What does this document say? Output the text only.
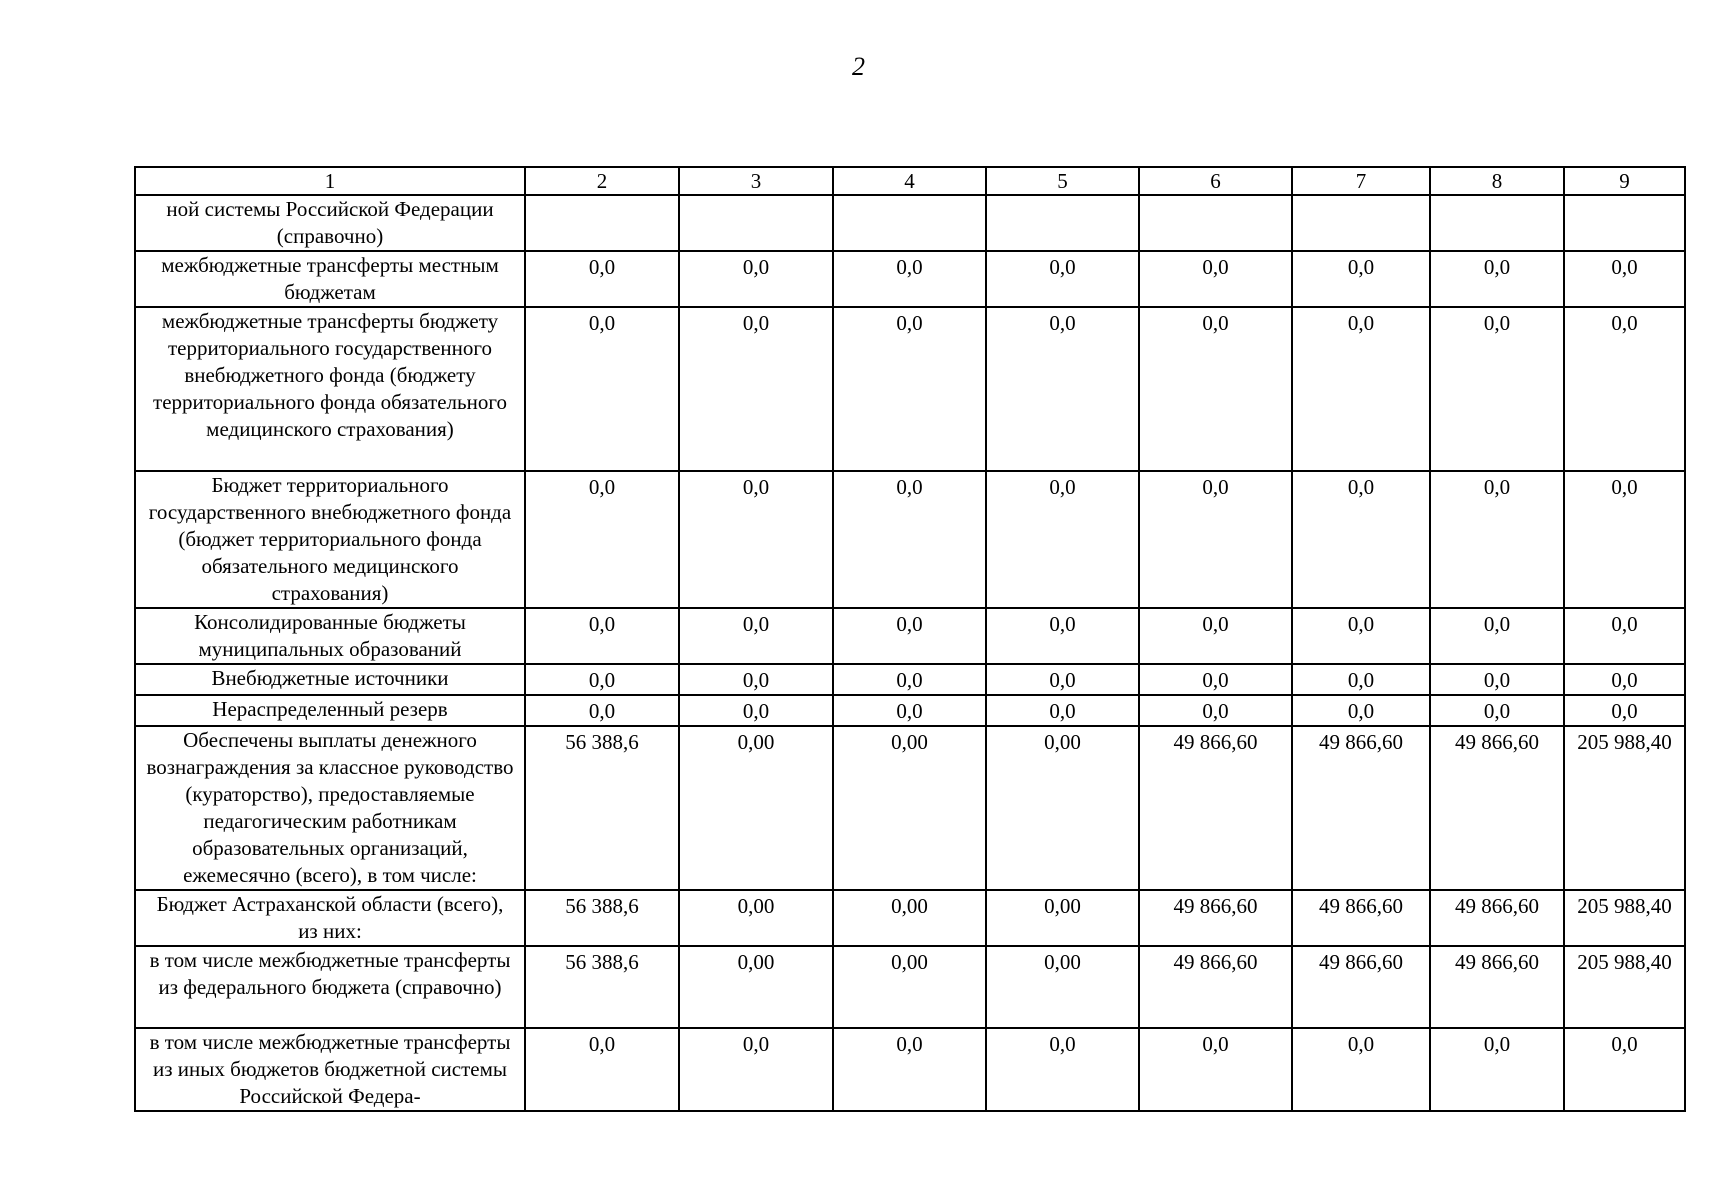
2
1	2	3	4	5	6	7	8	9
ной системы Российской Федерации (справочно)								
межбюджетные трансферты местным бюджетам	0,0	0,0	0,0	0,0	0,0	0,0	0,0	0,0
межбюджетные трансферты бюджету территориального государственного внебюджетного фонда (бюджету территориального фонда обязательного медицинского страхования)	0,0	0,0	0,0	0,0	0,0	0,0	0,0	0,0
Бюджет территориального государственного внебюджетного фонда (бюджет территориального фонда обязательного медицинского страхования)	0,0	0,0	0,0	0,0	0,0	0,0	0,0	0,0
Консолидированные бюджеты муниципальных образований	0,0	0,0	0,0	0,0	0,0	0,0	0,0	0,0
Внебюджетные источники	0,0	0,0	0,0	0,0	0,0	0,0	0,0	0,0
Нераспределенный резерв	0,0	0,0	0,0	0,0	0,0	0,0	0,0	0,0
Обеспечены выплаты денежного вознаграждения за классное руководство (кураторство), предоставляемые педагогическим работникам образовательных организаций, ежемесячно (всего), в том числе:	56 388,6	0,00	0,00	0,00	49 866,60	49 866,60	49 866,60	205 988,40
Бюджет Астраханской области (всего), из них:	56 388,6	0,00	0,00	0,00	49 866,60	49 866,60	49 866,60	205 988,40
в том числе межбюджетные трансферты из федерального бюджета (справочно)	56 388,6	0,00	0,00	0,00	49 866,60	49 866,60	49 866,60	205 988,40
в том числе межбюджетные трансферты из иных бюджетов бюджетной системы Российской Федера-	0,0	0,0	0,0	0,0	0,0	0,0	0,0	0,0
